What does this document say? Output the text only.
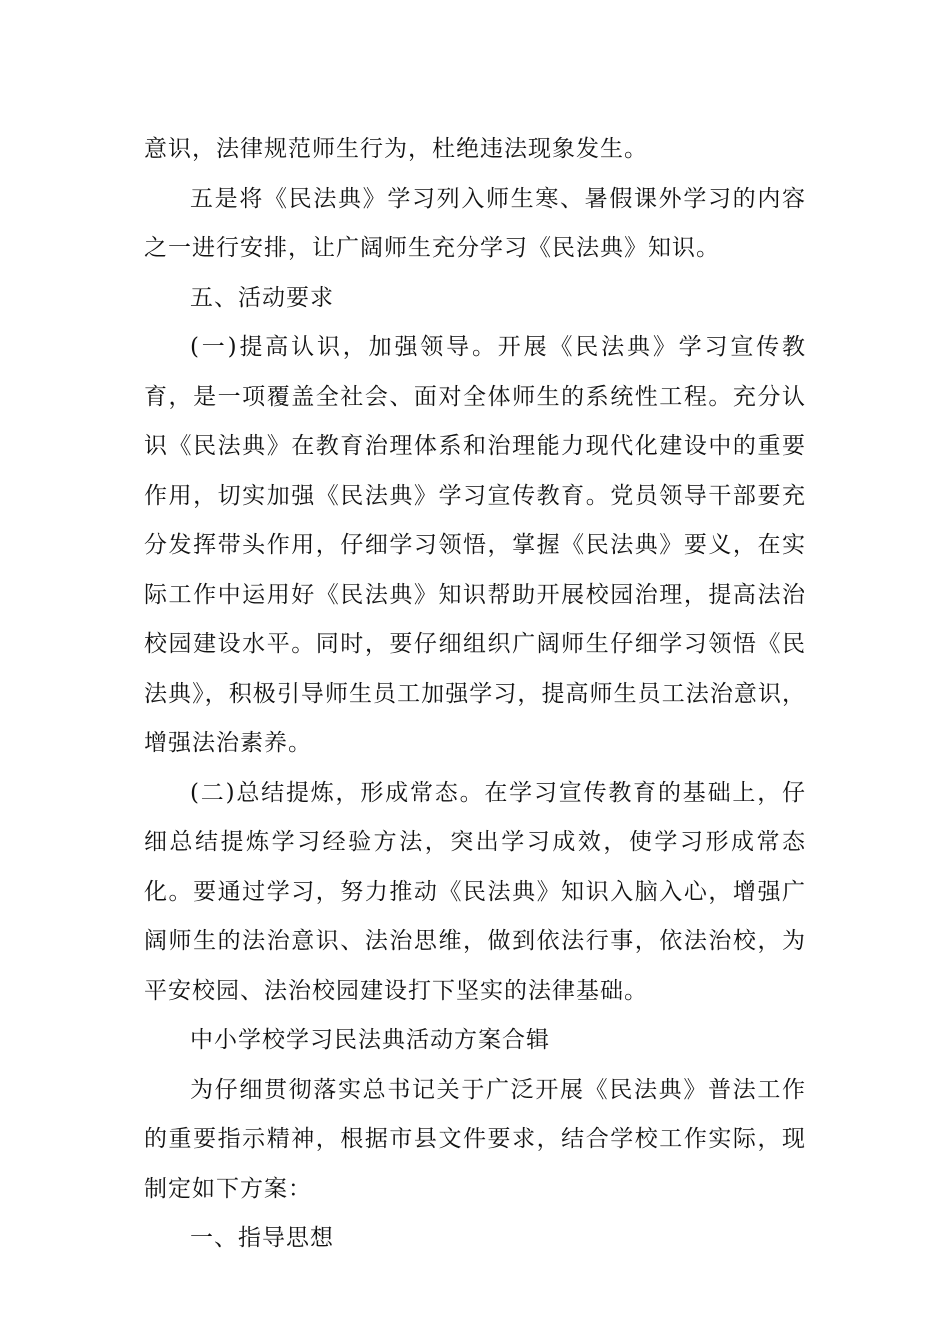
意识，法律规范师生行为，杜绝违法现象发生。

五是将《民法典》学习列入师生寒、暑假课外学习的内容之一进行安排，让广阔师生充分学习《民法典》知识。

五、活动要求

(一)提高认识，加强领导。开展《民法典》学习宣传教育，是一项覆盖全社会、面对全体师生的系统性工程。充分认识《民法典》在教育治理体系和治理能力现代化建设中的重要作用，切实加强《民法典》学习宣传教育。党员领导干部要充分发挥带头作用，仔细学习领悟，掌握《民法典》要义，在实际工作中运用好《民法典》知识帮助开展校园治理，提高法治校园建设水平。同时，要仔细组织广阔师生仔细学习领悟《民法典》，积极引导师生员工加强学习，提高师生员工法治意识，增强法治素养。

(二)总结提炼，形成常态。在学习宣传教育的基础上，仔细总结提炼学习经验方法，突出学习成效，使学习形成常态化。要通过学习，努力推动《民法典》知识入脑入心，增强广阔师生的法治意识、法治思维，做到依法行事，依法治校，为平安校园、法治校园建设打下坚实的法律基础。

中小学校学习民法典活动方案合辑

为仔细贯彻落实总书记关于广泛开展《民法典》普法工作的重要指示精神，根据市县文件要求，结合学校工作实际，现制定如下方案：

一、指导思想
